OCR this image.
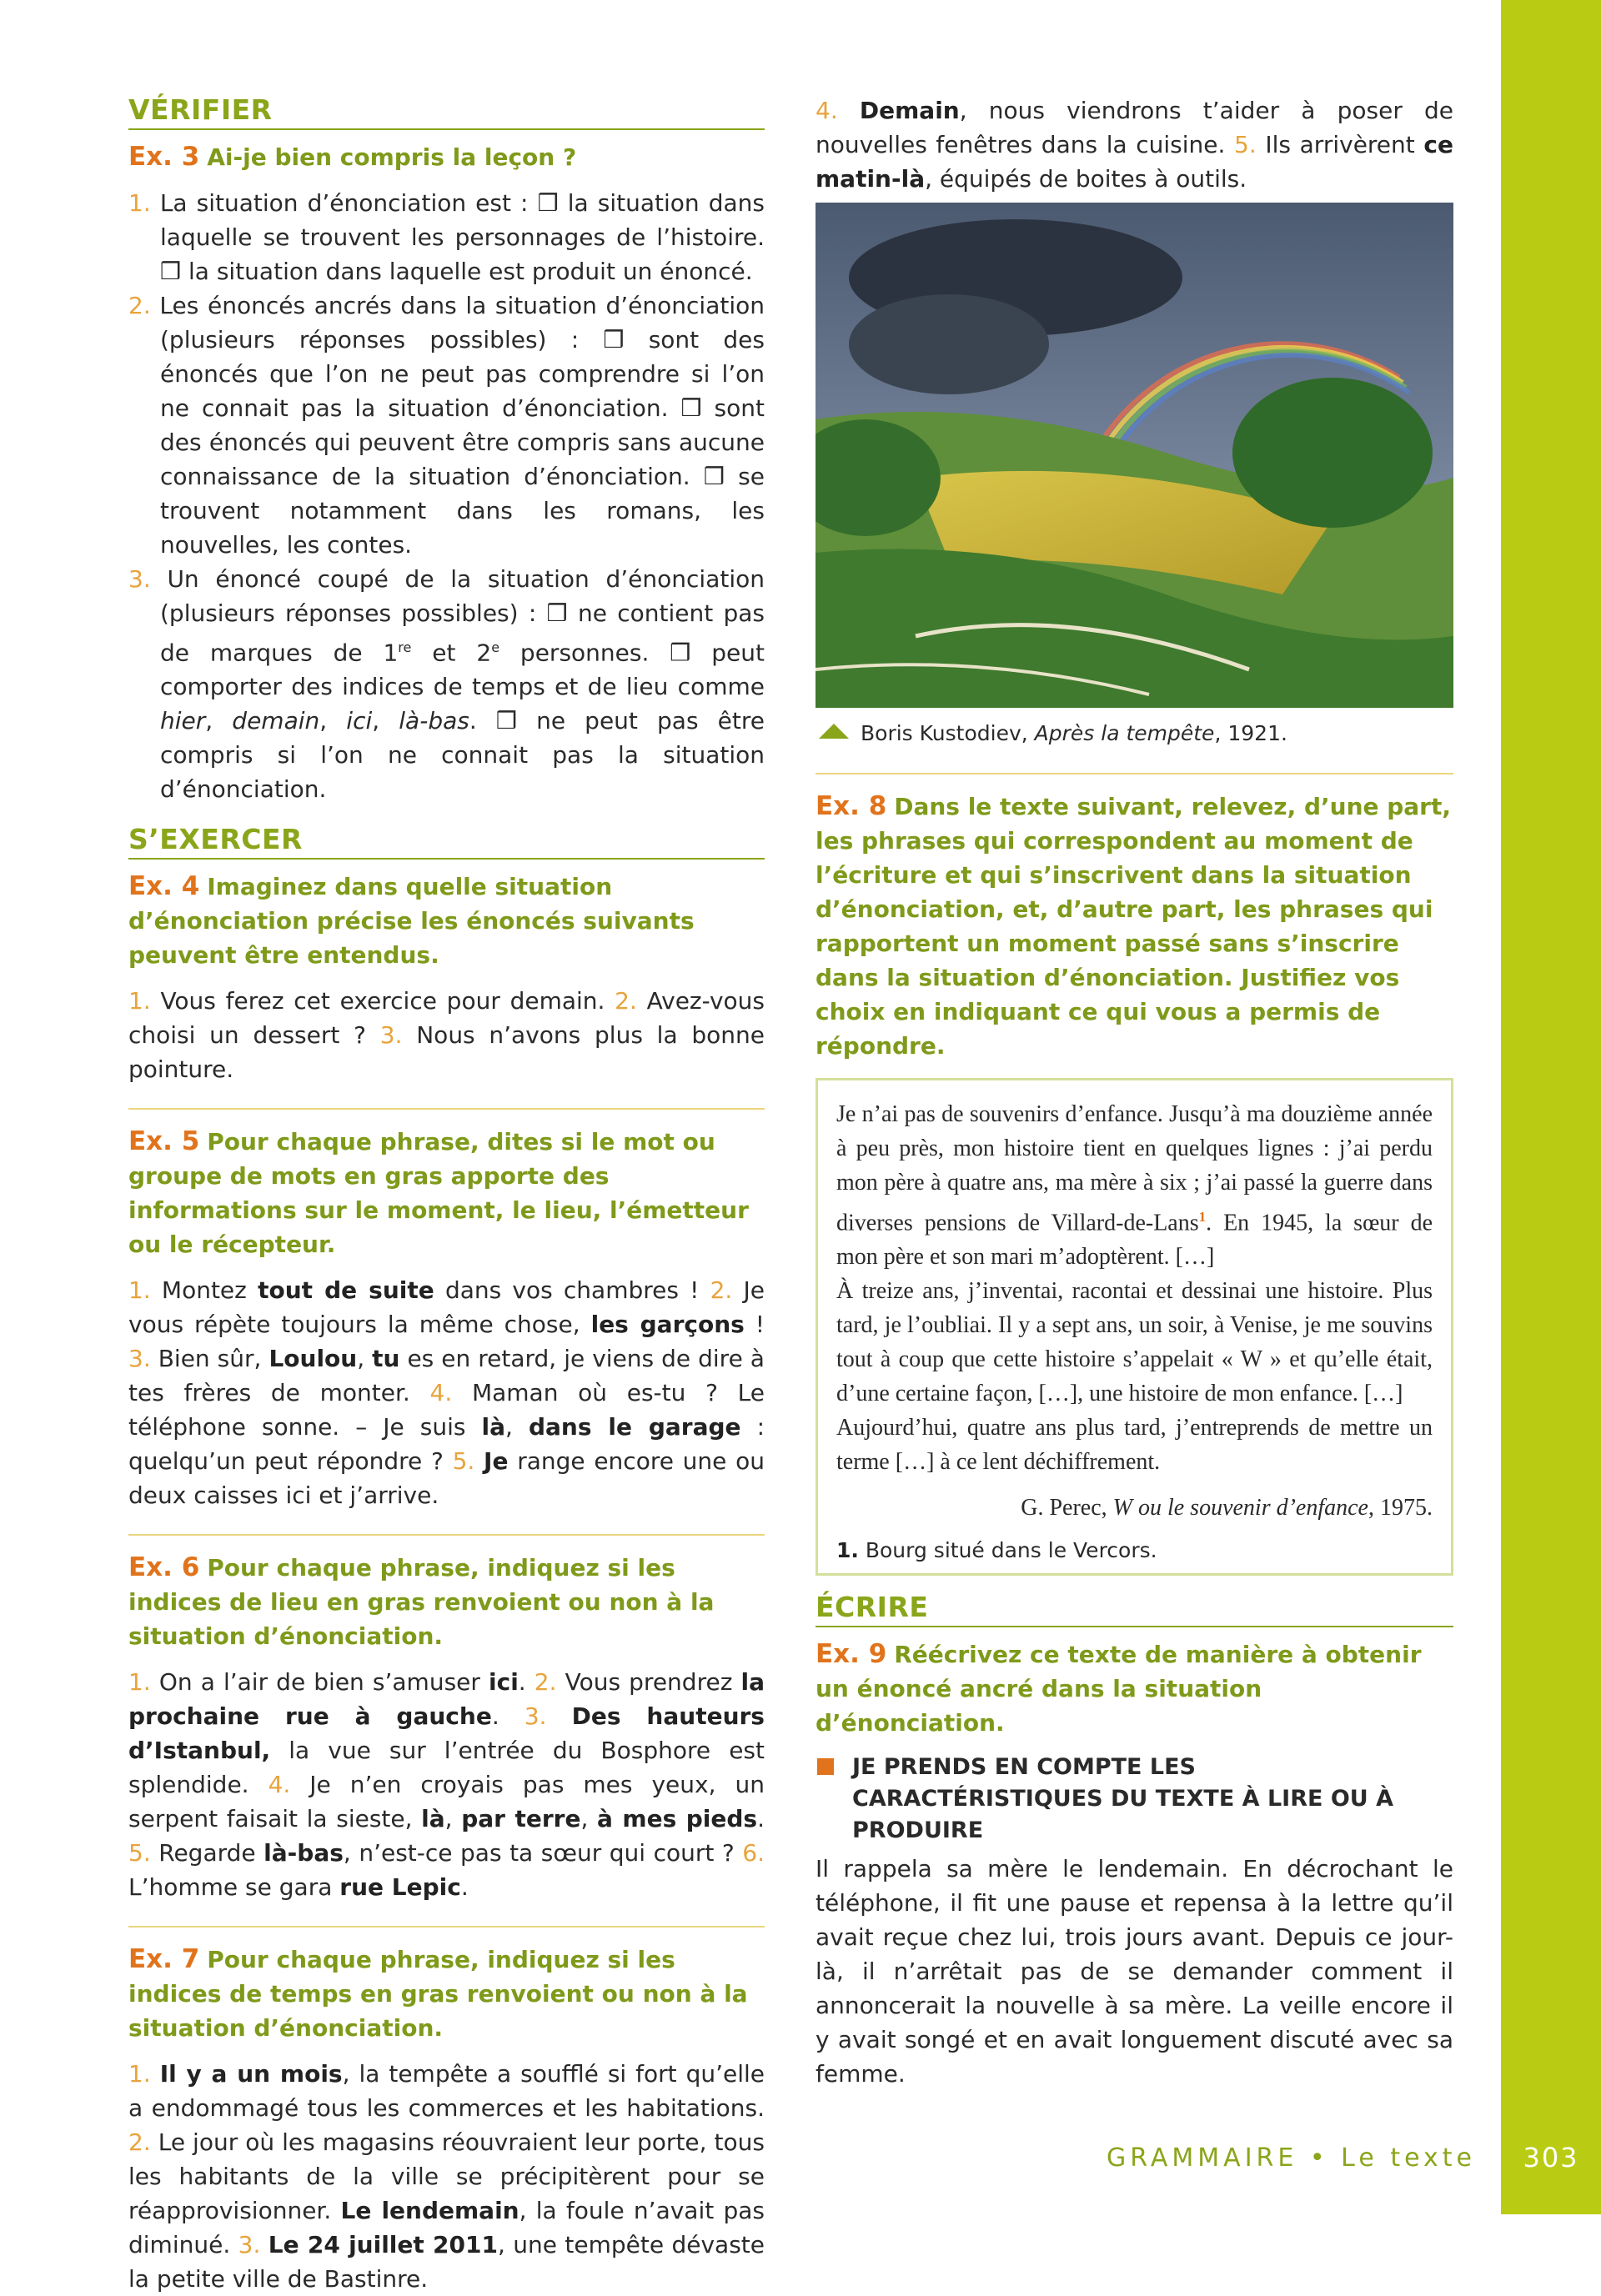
VÉRIFIER
Ex. 3 Ai-je bien compris la leçon ?
1. La situation d’énonciation est : ❒ la situation dans laquelle se trouvent les personnages de l’histoire. ❒ la situation dans laquelle est produit un énoncé.
2. Les énoncés ancrés dans la situation d’énonciation (plusieurs réponses possibles) : ❒ sont des énoncés que l’on ne peut pas comprendre si l’on ne connait pas la situation d’énonciation. ❒ sont des énoncés qui peuvent être compris sans aucune connaissance de la situation d’énonciation. ❒ se trouvent notamment dans les romans, les nouvelles, les contes.
3. Un énoncé coupé de la situation d’énonciation (plusieurs réponses possibles) : ❒ ne contient pas de marques de 1re et 2e personnes. ❒ peut comporter des indices de temps et de lieu comme hier, demain, ici, là-bas. ❒ ne peut pas être compris si l’on ne connait pas la situation d’énonciation.
S’EXERCER
Ex. 4 Imaginez dans quelle situation d’énonciation précise les énoncés suivants peuvent être entendus.

1. Vous ferez cet exercice pour demain. 2. Avez-vous choisi un dessert ? 3. Nous n’avons plus la bonne pointure.

Ex. 5 Pour chaque phrase, dites si le mot ou groupe de mots en gras apporte des informations sur le moment, le lieu, l’émetteur ou le récepteur.

1. Montez tout de suite dans vos chambres ! 2. Je vous répète toujours la même chose, les garçons ! 3. Bien sûr, Loulou, tu es en retard, je viens de dire à tes frères de monter. 4. Maman où es-tu ? Le téléphone sonne. – Je suis là, dans le garage : quelqu’un peut répondre ? 5. Je range encore une ou deux caisses ici et j’arrive.

Ex. 6 Pour chaque phrase, indiquez si les indices de lieu en gras renvoient ou non à la situation d’énonciation.

1. On a l’air de bien s’amuser ici. 2. Vous prendrez la prochaine rue à gauche. 3. Des hauteurs d’Istanbul, la vue sur l’entrée du Bosphore est splendide. 4. Je n’en croyais pas mes yeux, un serpent faisait la sieste, là, par terre, à mes pieds. 5. Regarde là-bas, n’est-ce pas ta sœur qui court ? 6. L’homme se gara rue Lepic.

Ex. 7 Pour chaque phrase, indiquez si les indices de temps en gras renvoient ou non à la situation d’énonciation.

1. Il y a un mois, la tempête a soufflé si fort qu’elle a endommagé tous les commerces et les habitations. 2. Le jour où les magasins réouvraient leur porte, tous les habitants de la ville se précipitèrent pour se réapprovisionner. Le lendemain, la foule n’avait pas diminué. 3. Le 24 juillet 2011, une tempête dévaste la petite ville de Bastinre.

4. Demain, nous viendrons t’aider à poser de nouvelles fenêtres dans la cuisine. 5. Ils arrivèrent ce matin-là, équipés de boites à outils.

Boris Kustodiev, Après la tempête, 1921.
Ex. 8 Dans le texte suivant, relevez, d’une part, les phrases qui correspondent au moment de l’écriture et qui s’inscrivent dans la situation d’énonciation, et, d’autre part, les phrases qui rapportent un moment passé sans s’inscrire dans la situation d’énonciation. Justifiez vos choix en indiquant ce qui vous a permis de répondre.

Je n’ai pas de souvenirs d’enfance. Jusqu’à ma douzième année à peu près, mon histoire tient en quelques lignes : j’ai perdu mon père à quatre ans, ma mère à six ; j’ai passé la guerre dans diverses pensions de Villard-de-Lans$^1$. En 1945, la sœur de mon père et son mari m’adoptèrent. […]

À treize ans, j’inventai, racontai et dessinai une histoire. Plus tard, je l’oubliai. Il y a sept ans, un soir, à Venise, je me souvins tout à coup que cette histoire s’appelait « W » et qu’elle était, d’une certaine façon, […], une histoire de mon enfance. […]

Aujourd’hui, quatre ans plus tard, j’entreprends de mettre un terme […] à ce lent déchiffrement.

G. Perec, W ou le souvenir d’enfance, 1975.

1. Bourg situé dans le Vercors.
ÉCRIRE
Ex. 9 Réécrivez ce texte de manière à obtenir un énoncé ancré dans la situation d’énonciation.
JE PRENDS EN COMPTE LES CARACTÉRISTIQUES DU TEXTE À LIRE OU À PRODUIRE

Il rappela sa mère le lendemain. En décrochant le téléphone, il fit une pause et repensa à la lettre qu’il avait reçue chez lui, trois jours avant. Depuis ce jour-là, il n’arrêtait pas de se demander comment il annoncerait la nouvelle à sa mère. La veille encore il y avait songé et en avait longuement discuté avec sa femme.

GRAMMAIRE • Le texte	303
